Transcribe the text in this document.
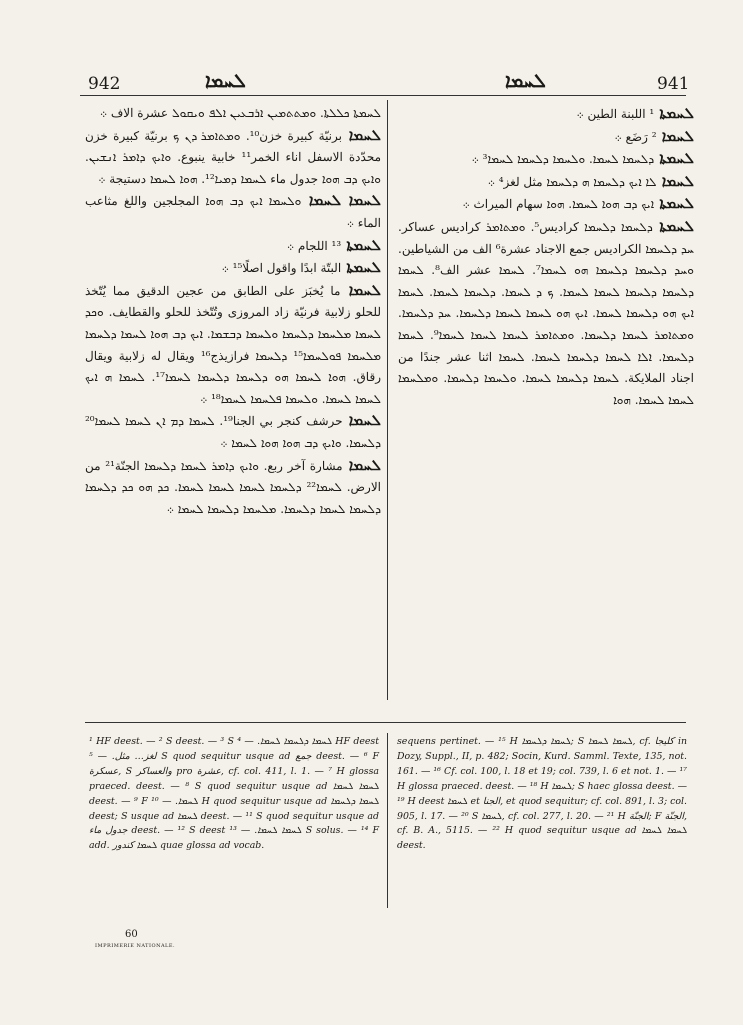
942	ܠܚܡܐ	ܠܚܡܐ	941

ܠܚܡܬܐ ܟܠܠܬܐ. ܘܡܬܬܡܝܢ ܐܪܒܥܝܢ ܐܠܦ ܘܝܩܘܠ عشرة الاف ܀

ܠܚܡܐ برنيّة كبيرة خزن¹⁰. ܘܡܬܐܡܪ ܕܢ ܟ برنيّة كبيرة خزن محدّدة الاسفل اناء الخمر¹¹ خابية ينبوع. ܘܐܝܟ ܕܐܡܪ ܐܢܫܝܢ. ܘܐܝܟ ܕܒ ܗܘܐ جدول ماء ܠܚܡܐ ܕܡܝܐ¹². ܗܘܐ ܠܚܡܐ دستيجة ܀

ܠܚܡܐ ܠܚܡܐ ܘܠܚܡܐ ܐܝܟ ܕܒ ܗܘܐ المجلجين واللغ مثاعب الماء ܀

ܠܚܡܬܐ ¹³ اللجام ܀

ܠܚܡܬܐ البتّة ابدًا واقول اصلًا¹⁵ ܀

ܠܚܡܐ ما يُخبَز على الطابق من عجين الدقيق مما يُتّخذ للحلو زلابية فرنيّة زاد المروزى وتُتّخذ للحلو والقطايف. ܘܟܕ ܠܚܡܐ ܡܠܚܡܐ ܕܠܚܡܐ ܘܠܚܡܐ ܕܒܫܡܐ. ܐܝܟ ܕܒ ܗܘܐ ܠܚܡܐ ܕܠܚܡܐ ܡܠܚܡܐ ܦܘܠܚܡܐ¹⁵ ܕܠܚܡܐ فرازيذج¹⁶ ويقال له زلابية ويقال رقاق. ܗܘܐ ܠܚܡܐ ܗܘ ܕܠܚܡܐ ܕܠܚܡܐ ܠܚܡܐ¹⁷. ܠܚܡܐ ܗ ܐܝܟ ܠܚܡܐ ܠܚܡܐ. ܘܠܚܡܐ ܦܠܚܡܐ ܠܚܡܐ¹⁸ ܀

ܠܚܡܐ حرشف كنجر بي الجنا¹⁹. ܠܚܡܐ ܕܡ ܐܢ ܠܚܡܐ ܠܚܡܐ²⁰ ܕܠܚܡܐ. ܘܐܝܟ ܕܒ ܗܘܐ ܗܘܐ ܠܚܡܐ ܀

ܠܚܡܐ مشارة آخر ربع. ܘܐܝܟ ܕܐܡܪ ܠܚܡܐ ܕܠܚܡܐ الجنّة²¹ من الارض. ܠܚܡܐ²² ܕܠܚܡܐ ܠܚܡܐ ܠܚܡܐ ܠܚܡܐ. ܟܕ ܗܘ ܟܕ ܕܠܚܡܐ ܕܠܚܡܐ ܠܚܡܐ ܕܠܚܡܐ. ܡܠܚܡܐ ܕܠܚܡܐ ܠܚܡܐ ܀

ܠܚܡܬܐ ¹ اللبنة الطين ܀

ܠܚܡܐ ² رَضَع ܀

ܠܚܡܬܐ ܕܠܚܡܐ ܠܚܡܐ. ܘܠܚܡܐ ܕܠܚܡܐ ܠܚܡܐ³ ܀

ܠܚܡܐ ܠܐ ܐܝܟ ܕܠܚܡܐ ܗ ܕܠܚܡܐ مثل لغز⁴ ܀

ܠܚܡܬܐ ܐܝܟ ܕܒ ܗܘܐ ܠܚܡܐ. ܗܘܐ سهام الميراث ܀

ܠܚܡܬܐ ܕܠܚܡܐ ܕܠܚܡܐ كراديس⁵. ܘܡܬܐܡܪ كراديس عساكر. ܚܕ ܕܠܚܡܐ الكراديس جمع الاجناد عشرة⁶ الف من الشياطين. ܘܚܕ ܕܠܚܡܐ ܕܠܚܡܐ ܗܘ ܠܚܡܐ⁷. ܠܚܡܐ عشر الف⁸. ܠܚܡܐ ܕܠܚܡܐ ܕܠܚܡܐ ܠܚܡܐ ܠܚܡܐ. ܟ ܕ ܠܚܡܐ. ܕܠܚܡܐ ܠܚܡܐ. ܠܚܡܐ ܐܝܟ ܗܘ ܕܠܚܡܐ ܠܚܡܐ. ܐܝܟ ܗܘ ܠܚܡܐ ܠܚܡܐ ܕܠܚܡܐ. ܚܕ ܕܠܚܡܐ. ܘܡܬܐܡܪ ܠܚܡܐ ܕܠܚܡܐ. ܘܡܬܐܡܪ ܠܚܡܐ ܠܚܡܐ ܠܚܡܐ⁹. ܠܚܡܐ ܕܠܚܡܐ. ܐܠܐ ܠܚܡܐ ܕܠܚܡܐ ܠܚܡܐ. ܠܚܡܐ اثنا عشر جندًا من اجناد الملايكة. ܠܚܡܐ ܕܠܚܡܐ ܠܚܡܐ. ܘܠܚܡܐ ܕܠܚܡܐ. ܘܡܠܚܡܐ ܠܚܡܐ ܠܚܡܐ. ܗܘܐ

¹ HF deest. — ² S deest. — ³ S ܠܚܡܐ ܕܠܚܡܐ ܠܚܡܐ. — ⁴ HF deest لغز… مثل. — ⁵ S quod sequitur usque ad جمع deest. — ⁶ F عسكرة, S والعساكر pro عشرة, cf. col. 411, l. 1. — ⁷ H glossa praeced. deest. — ⁸ S quod sequitur usque ad ܠܚܡܐ ܠܚܡܐ deest. — ⁹ F ܠܚܡܐ. — ¹⁰ H quod sequitur usque ad ܠܚܡܐ ܕܠܚܡܐ deest; S usque ad ܠܚܡܐ deest. — ¹¹ S quod sequitur usque ad جدول ماء deest. — ¹² S deest ܠܚܡܐ ܠܚܡܐ. — ¹³ S solus. — ¹⁴ F add. ܠܚܡܐ كندور quae glossa ad vocab.

sequens pertinet. — ¹⁵ H ܠܚܡܐ ܕܠܚܡܐ; S ܠܚܡܐ ܠܚܡܐ, cf. كليجا in Dozy, Suppl., II, p. 482; Socin, Kurd. Samml. Texte, 135, not. 161. — ¹⁶ Cf. col. 100, l. 18 et 19; col. 739, l. 6 et not. 1. — ¹⁷ H glossa praeced. deest. — ¹⁸ H ܠܚܡܐ; S haec glossa deest. — ¹⁹ H deest ܠܚܡܐ et الجنا, et quod sequitur; cf. col. 891, l. 3; col. 905, l. 17. — ²⁰ S ܠܚܡܐ, cf. col. 277, l. 20. — ²¹ H الجنّة; F الجنّة, cf. B. A., 5115. — ²² H quod sequitur usque ad ܠܚܡܐ ܠܚܡܐ deest.

60
IMPRIMERIE NATIONALE.
